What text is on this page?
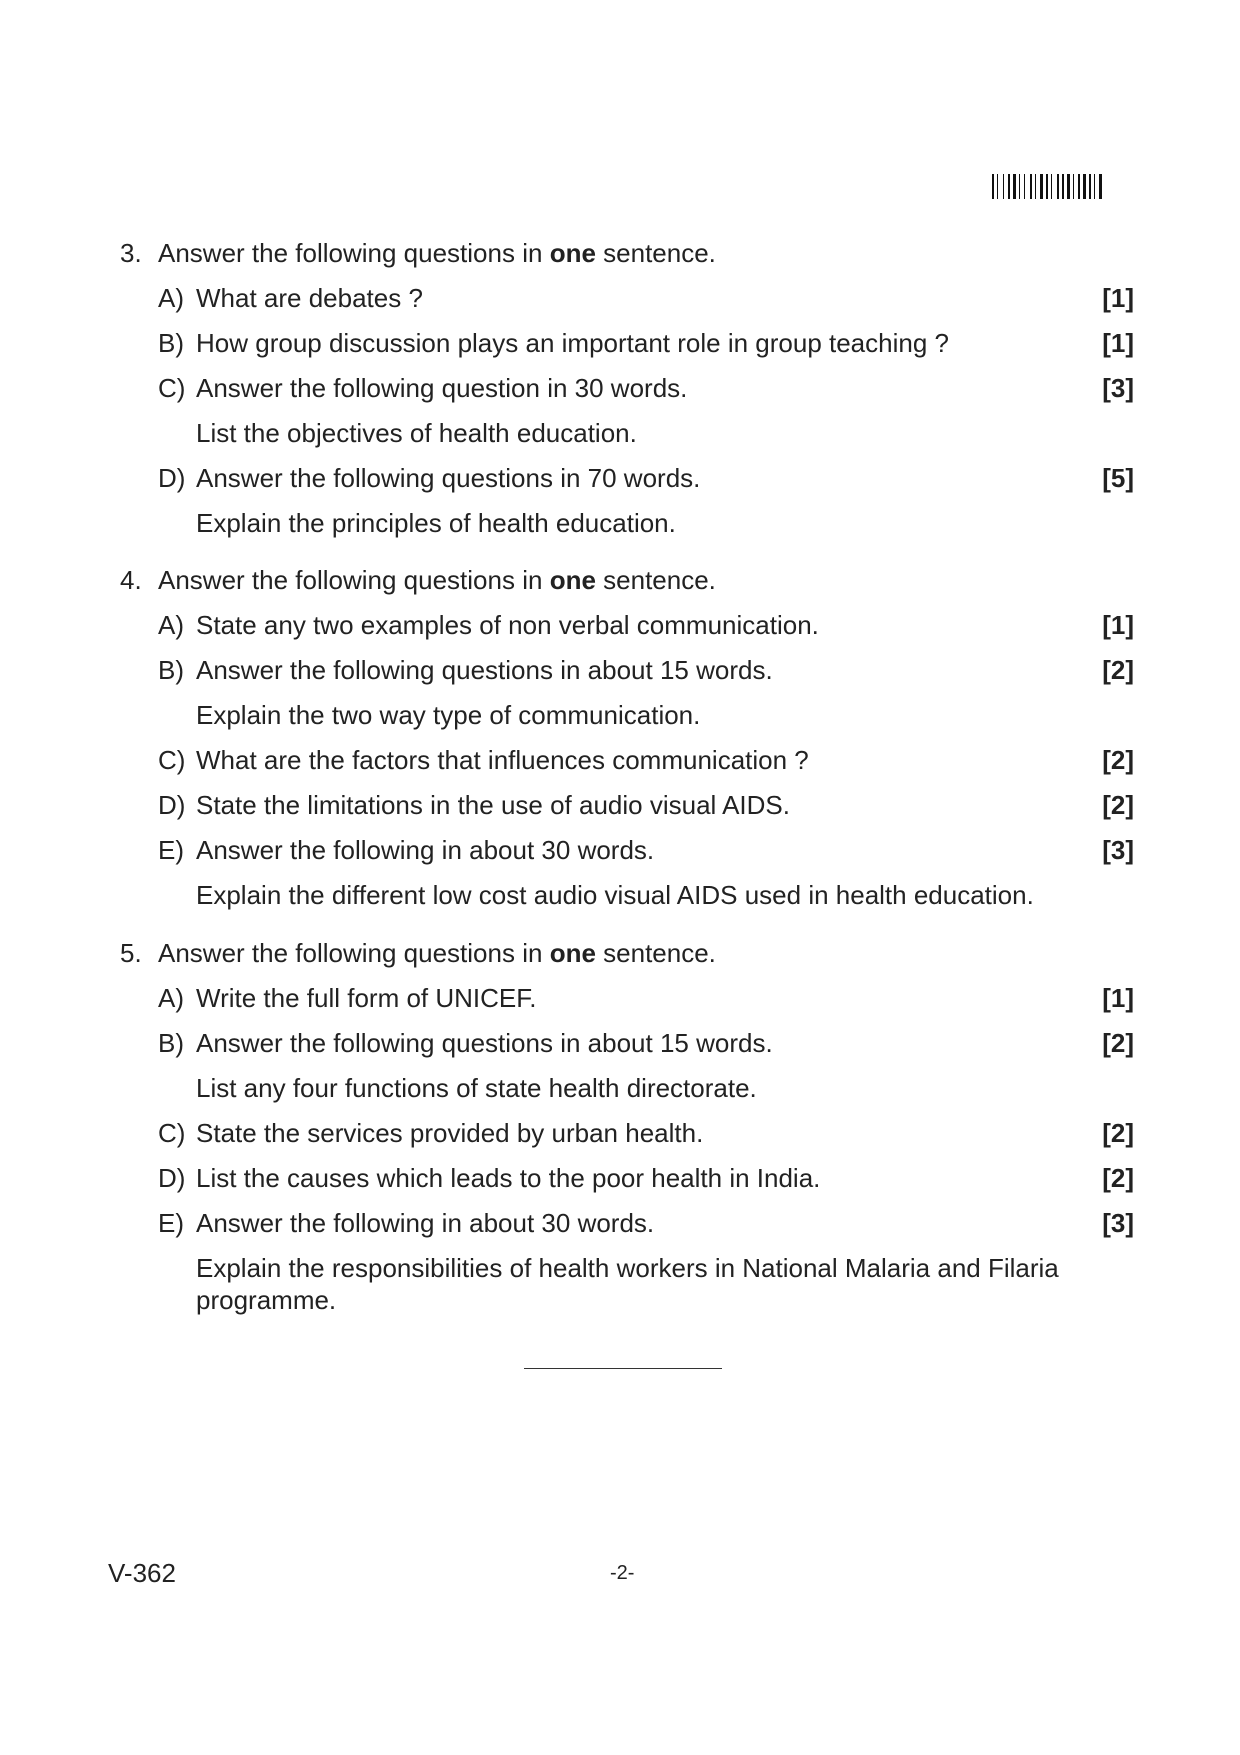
3. Answer the following questions in one sentence.
A) What are debates ?	[1]
B) How group discussion plays an important role in group teaching ?	[1]
C) Answer the following question in 30 words.	[3]
List the objectives of health education.
D) Answer the following questions in 70 words.	[5]
Explain the principles of health education.
4. Answer the following questions in one sentence.
A) State any two examples of non verbal communication.	[1]
B) Answer the following questions in about 15 words.	[2]
Explain the two way type of communication.
C) What are the factors that influences communication ?	[2]
D) State the limitations in the use of audio visual AIDS.	[2]
E) Answer the following in about 30 words.	[3]
Explain the different low cost audio visual AIDS used in health education.
5. Answer the following questions in one sentence.
A) Write the full form of UNICEF.	[1]
B) Answer the following questions in about 15 words.	[2]
List any four functions of state health directorate.
C) State the services provided by urban health.	[2]
D) List the causes which leads to the poor health in India.	[2]
E) Answer the following in about 30 words.	[3]
Explain the responsibilities of health workers in National Malaria and Filaria programme.
V-362	-2-
